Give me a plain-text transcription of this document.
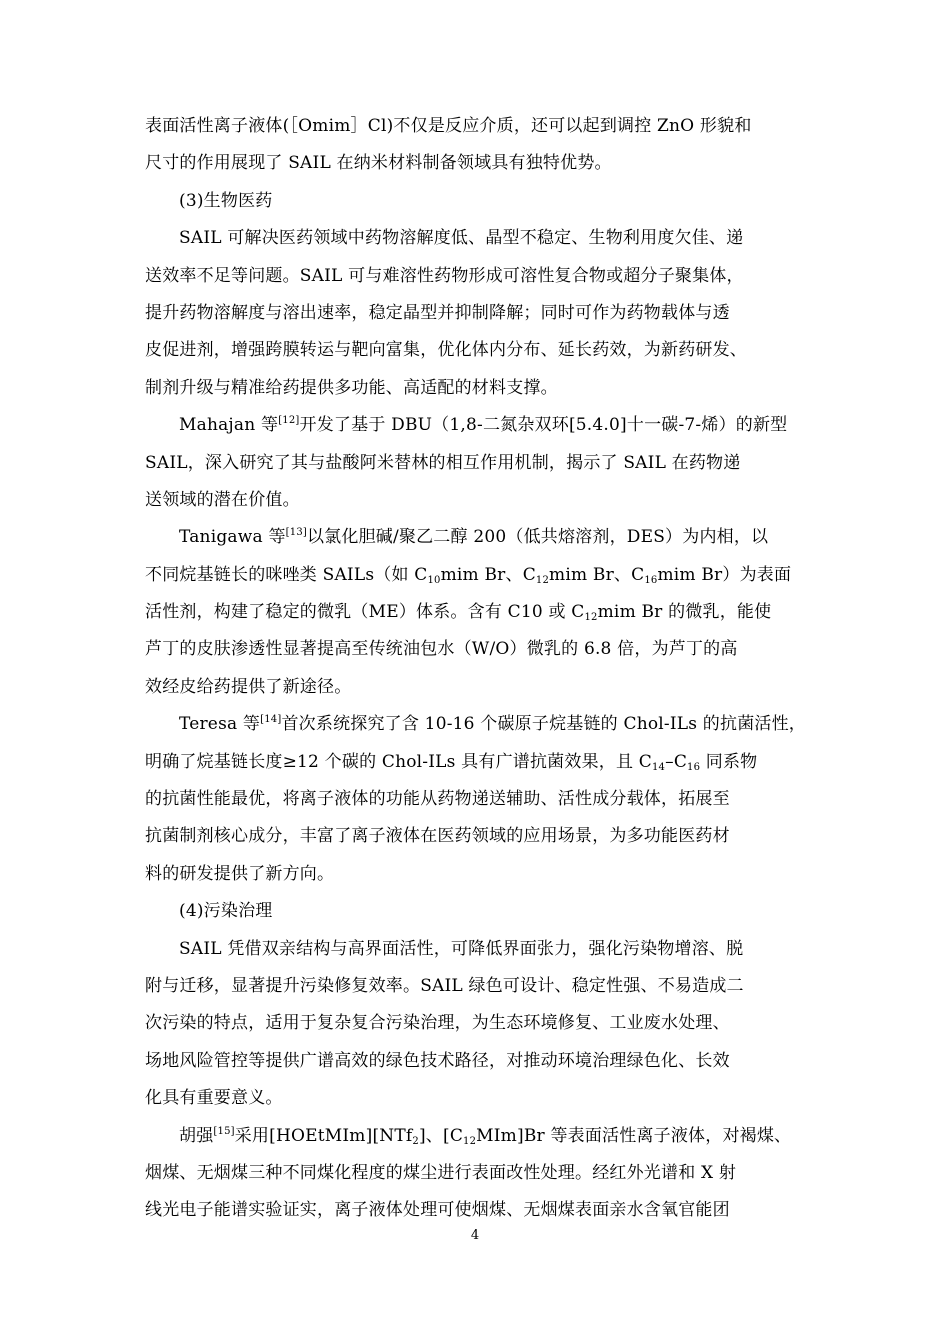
表面活性离子液体(［Omim］Cl)不仅是反应介质，还可以起到调控 ZnO 形貌和
尺寸的作用展现了 SAIL 在纳米材料制备领域具有独特优势。
(3)生物医药
SAIL 可解决医药领域中药物溶解度低、晶型不稳定、生物利用度欠佳、递
送效率不足等问题。SAIL 可与难溶性药物形成可溶性复合物或超分子聚集体，
提升药物溶解度与溶出速率，稳定晶型并抑制降解；同时可作为药物载体与透
皮促进剂，增强跨膜转运与靶向富集，优化体内分布、延长药效，为新药研发、
制剂升级与精准给药提供多功能、高适配的材料支撑。
Mahajan 等[12]开发了基于 DBU（1,8-二氮杂双环[5.4.0]十一碳-7-烯）的新型
SAIL，深入研究了其与盐酸阿米替林的相互作用机制，揭示了 SAIL 在药物递
送领域的潜在价值。
Tanigawa 等[13]以氯化胆碱/聚乙二醇 200（低共熔溶剂，DES）为内相，以
不同烷基链长的咪唑类 SAILs（如 $C_{10}mim$ Br、$C_{12}mim$ Br、$C_{16}mim$ Br）为表面
活性剂，构建了稳定的微乳（ME）体系。含有 C10 或 $C_{12}mim$ Br 的微乳，能使
芦丁的皮肤渗透性显著提高至传统油包水（W/O）微乳的 6.8 倍，为芦丁的高
效经皮给药提供了新途径。
Teresa 等[14]首次系统探究了含 10-16 个碳原子烷基链的 Chol-ILs 的抗菌活性，
明确了烷基链长度≥12 个碳的 Chol-ILs 具有广谱抗菌效果，且 $C_{14}-C_{16}$ 同系物
的抗菌性能最优，将离子液体的功能从药物递送辅助、活性成分载体，拓展至
抗菌制剂核心成分，丰富了离子液体在医药领域的应用场景，为多功能医药材
料的研发提供了新方向。
(4)污染治理
SAIL 凭借双亲结构与高界面活性，可降低界面张力，强化污染物增溶、脱
附与迁移，显著提升污染修复效率。SAIL 绿色可设计、稳定性强、不易造成二
次污染的特点，适用于复杂复合污染治理，为生态环境修复、工业废水处理、
场地风险管控等提供广谱高效的绿色技术路径，对推动环境治理绿色化、长效
化具有重要意义。
胡强[15]采用[HOEtMIm][NTf$_2$]、$[C_{12}MIm]Br$ 等表面活性离子液体，对褐煤、
烟煤、无烟煤三种不同煤化程度的煤尘进行表面改性处理。经红外光谱和 X 射
线光电子能谱实验证实，离子液体处理可使烟煤、无烟煤表面亲水含氧官能团
4
